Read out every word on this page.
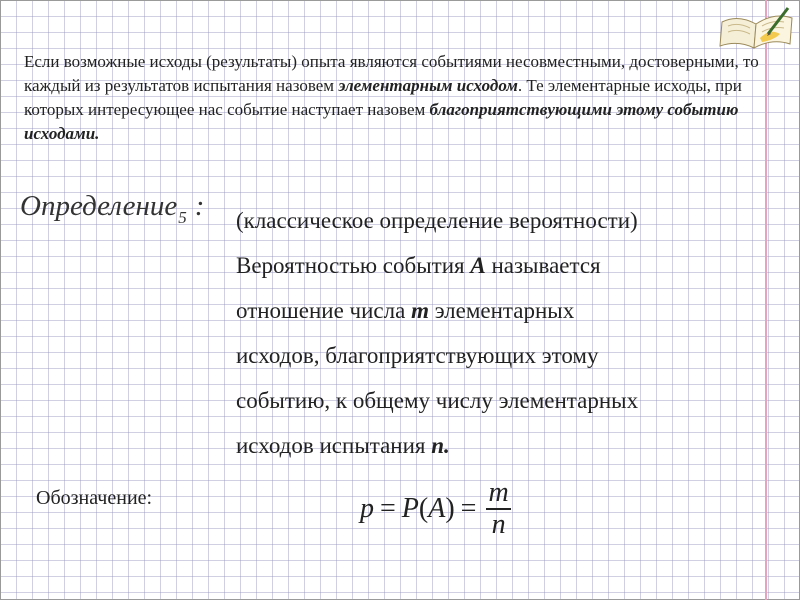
Если возможные исходы (результаты) опыта являются событиями несовместными, достоверными, то каждый из результатов испытания назовем элементарным исходом. Те элементарные исходы, при которых интересующее нас событие наступает назовем благоприятствующими этому событию исходами.
Определение$_5$ : (классическое определение вероятности)
Вероятностью события А называется
отношение числа m элементарных
исходов, благоприятствующих этому
событию, к общему числу элементарных
исходов испытания n.
Обозначение:	p = P ( A ) = $\frac{m}{n}$
